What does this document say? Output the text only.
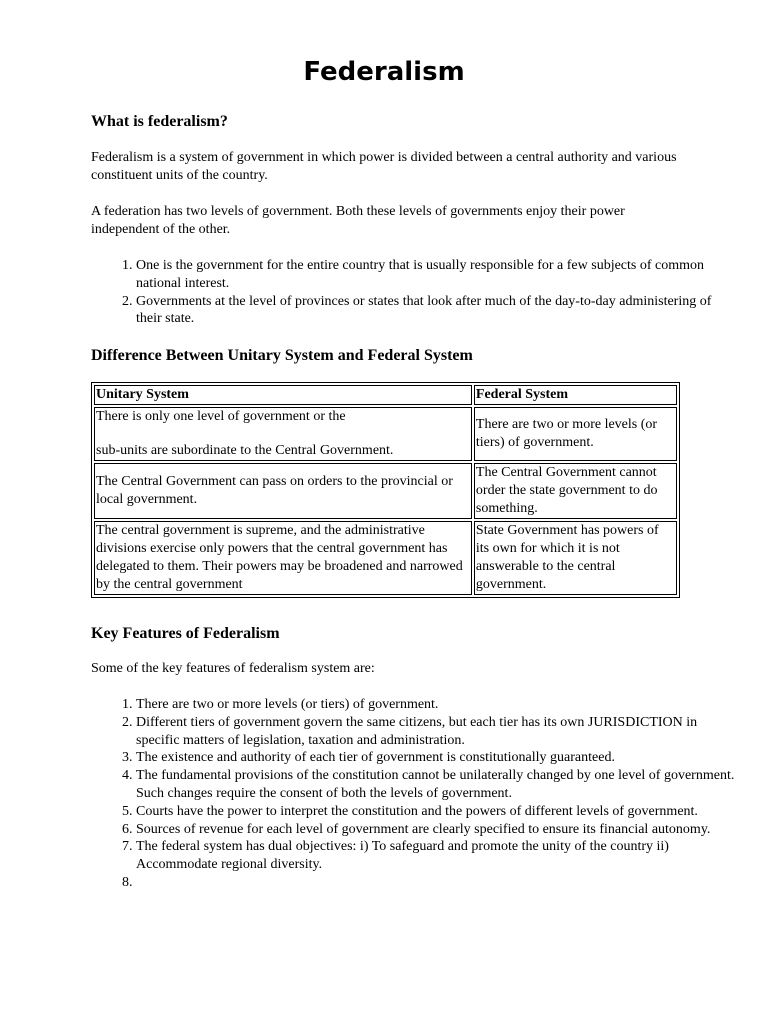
Federalism
What is federalism?

Federalism is a system of government in which power is divided between a central authority and various constituent units of the country.

A federation has two levels of government. Both these levels of governments enjoy their power independent of the other.

1. One is the government for the entire country that is usually responsible for a few subjects of common national interest.
2. Governments at the level of provinces or states that look after much of the day-to-day administering of their state.
Difference Between Unitary System and Federal System
Unitary System	Federal System
There is only one level of government or the
sub-units are subordinate to the Central Government.	There are two or more levels (or tiers) of government.
The Central Government can pass on orders to the provincial or local government.	The Central Government cannot order the state government to do something.
The central government is supreme, and the administrative divisions exercise only powers that the central government has delegated to them. Their powers may be broadened and narrowed by the central government	State Government has powers of its own for which it is not answerable to the central government.
Key Features of Federalism

Some of the key features of federalism system are:

1. There are two or more levels (or tiers) of government.
2. Different tiers of government govern the same citizens, but each tier has its own JURISDICTION in specific matters of legislation, taxation and administration.
3. The existence and authority of each tier of government is constitutionally guaranteed.
4. The fundamental provisions of the constitution cannot be unilaterally changed by one level of government. Such changes require the consent of both the levels of government.
5. Courts have the power to interpret the constitution and the powers of different levels of government.
6. Sources of revenue for each level of government are clearly specified to ensure its financial autonomy.
7. The federal system has dual objectives: i) To safeguard and promote the unity of the country ii) Accommodate regional diversity.
8.
